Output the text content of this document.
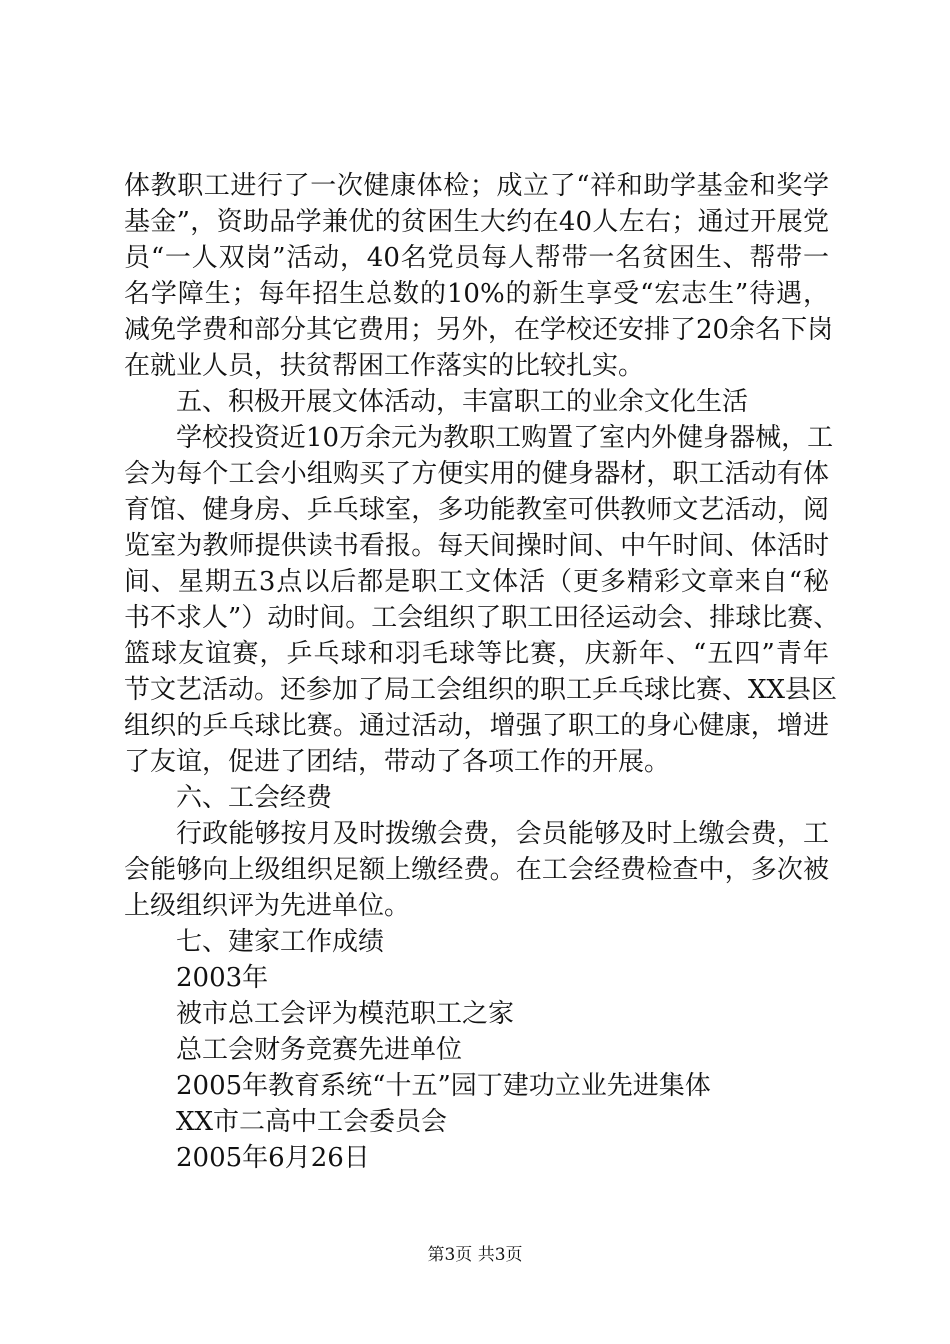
体教职工进行了一次健康体检；成立了“祥和助学基金和奖学
基金”，资助品学兼优的贫困生大约在40人左右；通过开展党
员“一人双岗”活动，40名党员每人帮带一名贫困生、帮带一
名学障生；每年招生总数的10%的新生享受“宏志生”待遇，
减免学费和部分其它费用；另外，在学校还安排了20余名下岗
在就业人员，扶贫帮困工作落实的比较扎实。
五、积极开展文体活动，丰富职工的业余文化生活
学校投资近10万余元为教职工购置了室内外健身器械，工
会为每个工会小组购买了方便实用的健身器材，职工活动有体
育馆、健身房、乒乓球室，多功能教室可供教师文艺活动，阅
览室为教师提供读书看报。每天间操时间、中午时间、体活时
间、星期五3点以后都是职工文体活（更多精彩文章来自“秘
书不求人”）动时间。工会组织了职工田径运动会、排球比赛、
篮球友谊赛，乒乓球和羽毛球等比赛，庆新年、“五四”青年
节文艺活动。还参加了局工会组织的职工乒乓球比赛、XX县区
组织的乒乓球比赛。通过活动，增强了职工的身心健康，增进
了友谊，促进了团结，带动了各项工作的开展。
六、工会经费
行政能够按月及时拨缴会费，会员能够及时上缴会费，工
会能够向上级组织足额上缴经费。在工会经费检查中，多次被
上级组织评为先进单位。
七、建家工作成绩
2003年
被市总工会评为模范职工之家
总工会财务竞赛先进单位
2005年教育系统“十五”园丁建功立业先进集体
XX市二高中工会委员会
2005年6月26日
第3页 共3页
